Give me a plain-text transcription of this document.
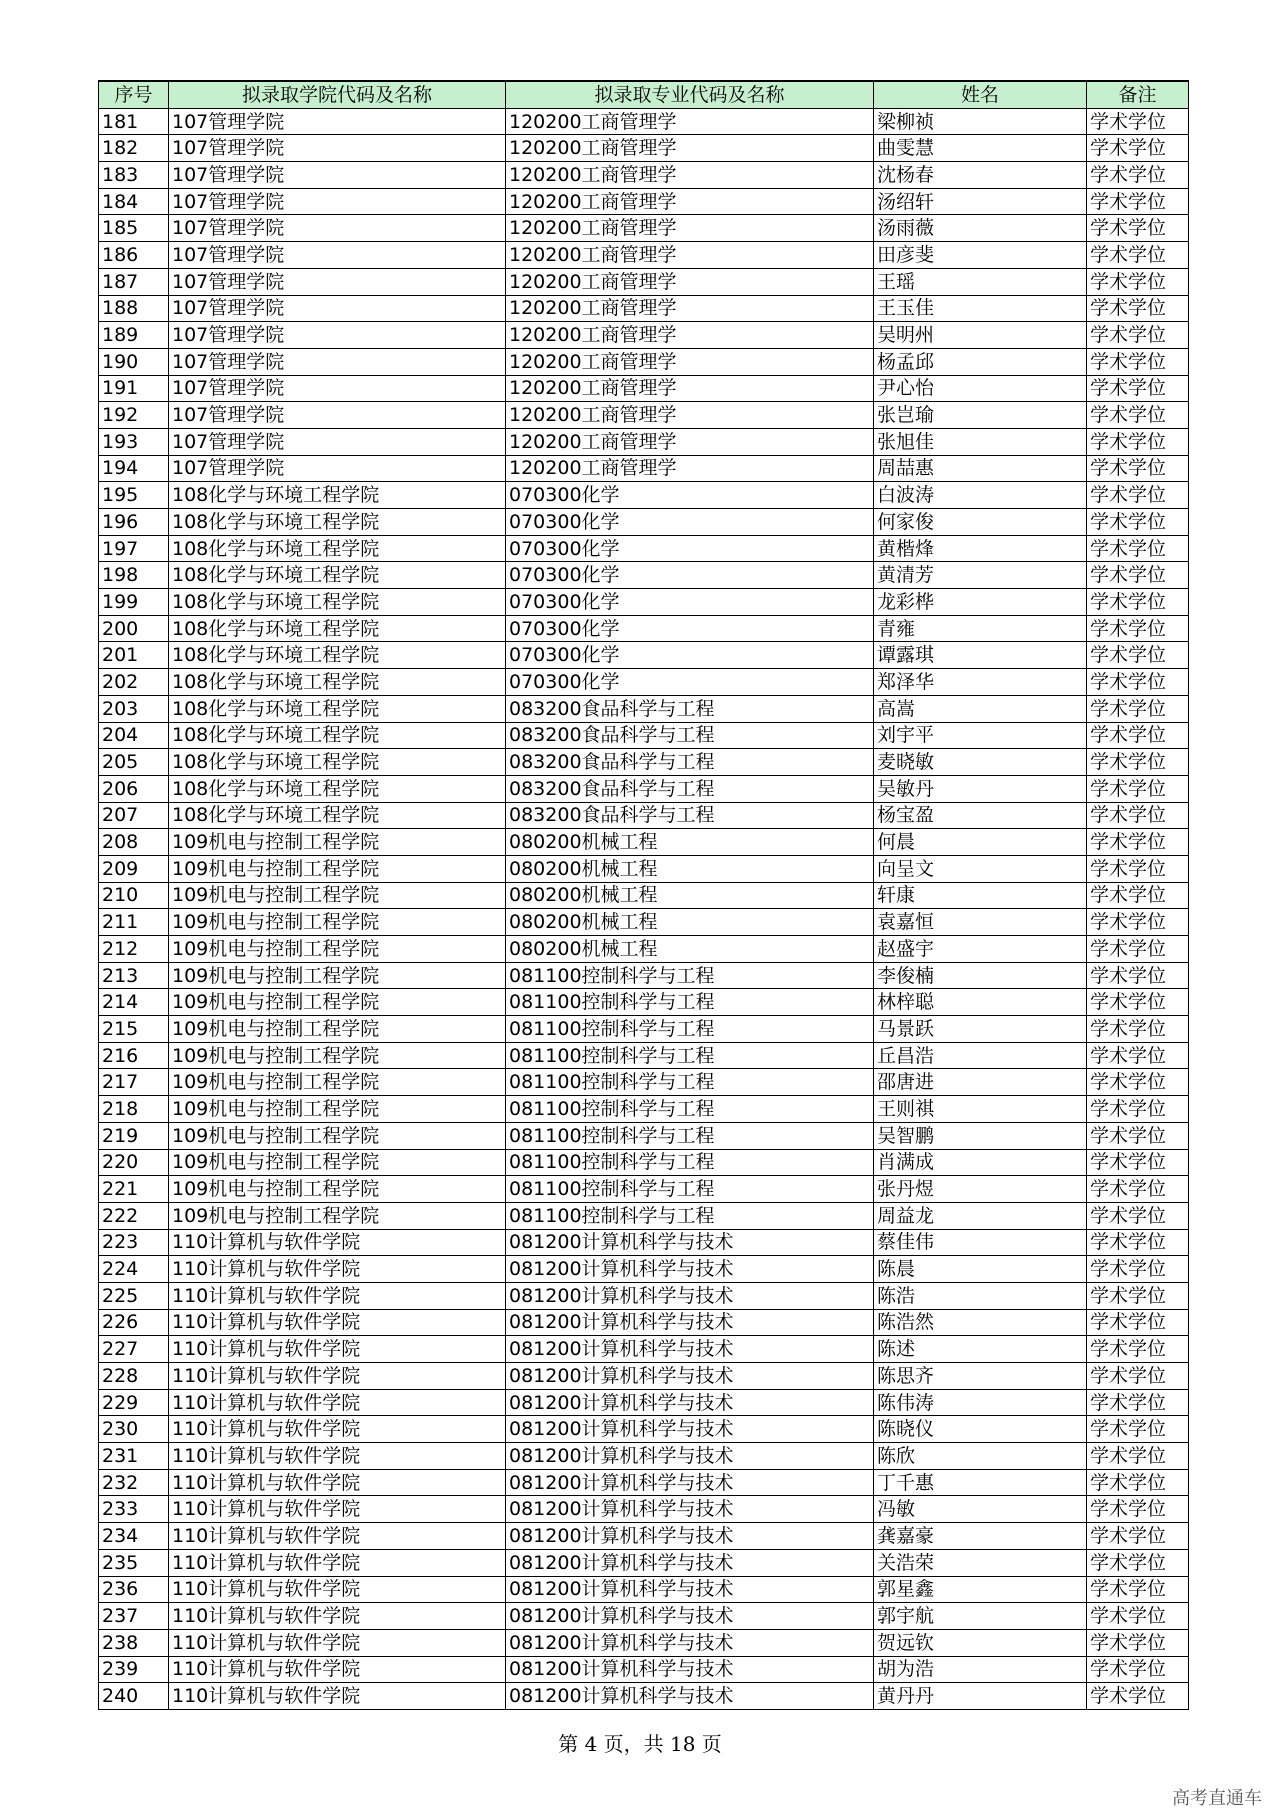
序号	拟录取学院代码及名称	拟录取专业代码及名称	姓名	备注
181	107管理学院	120200工商管理学	梁柳祯	学术学位
182	107管理学院	120200工商管理学	曲雯慧	学术学位
183	107管理学院	120200工商管理学	沈杨春	学术学位
184	107管理学院	120200工商管理学	汤绍轩	学术学位
185	107管理学院	120200工商管理学	汤雨薇	学术学位
186	107管理学院	120200工商管理学	田彦斐	学术学位
187	107管理学院	120200工商管理学	王瑶	学术学位
188	107管理学院	120200工商管理学	王玉佳	学术学位
189	107管理学院	120200工商管理学	吴明州	学术学位
190	107管理学院	120200工商管理学	杨孟邱	学术学位
191	107管理学院	120200工商管理学	尹心怡	学术学位
192	107管理学院	120200工商管理学	张岂瑜	学术学位
193	107管理学院	120200工商管理学	张旭佳	学术学位
194	107管理学院	120200工商管理学	周喆惠	学术学位
195	108化学与环境工程学院	070300化学	白波涛	学术学位
196	108化学与环境工程学院	070300化学	何家俊	学术学位
197	108化学与环境工程学院	070300化学	黄楷烽	学术学位
198	108化学与环境工程学院	070300化学	黄清芳	学术学位
199	108化学与环境工程学院	070300化学	龙彩桦	学术学位
200	108化学与环境工程学院	070300化学	青雍	学术学位
201	108化学与环境工程学院	070300化学	谭露琪	学术学位
202	108化学与环境工程学院	070300化学	郑泽华	学术学位
203	108化学与环境工程学院	083200食品科学与工程	高嵩	学术学位
204	108化学与环境工程学院	083200食品科学与工程	刘宇平	学术学位
205	108化学与环境工程学院	083200食品科学与工程	麦晓敏	学术学位
206	108化学与环境工程学院	083200食品科学与工程	吴敏丹	学术学位
207	108化学与环境工程学院	083200食品科学与工程	杨宝盈	学术学位
208	109机电与控制工程学院	080200机械工程	何晨	学术学位
209	109机电与控制工程学院	080200机械工程	向呈文	学术学位
210	109机电与控制工程学院	080200机械工程	轩康	学术学位
211	109机电与控制工程学院	080200机械工程	袁嘉恒	学术学位
212	109机电与控制工程学院	080200机械工程	赵盛宇	学术学位
213	109机电与控制工程学院	081100控制科学与工程	李俊楠	学术学位
214	109机电与控制工程学院	081100控制科学与工程	林梓聪	学术学位
215	109机电与控制工程学院	081100控制科学与工程	马景跃	学术学位
216	109机电与控制工程学院	081100控制科学与工程	丘昌浩	学术学位
217	109机电与控制工程学院	081100控制科学与工程	邵唐进	学术学位
218	109机电与控制工程学院	081100控制科学与工程	王则祺	学术学位
219	109机电与控制工程学院	081100控制科学与工程	吴智鹏	学术学位
220	109机电与控制工程学院	081100控制科学与工程	肖满成	学术学位
221	109机电与控制工程学院	081100控制科学与工程	张丹煜	学术学位
222	109机电与控制工程学院	081100控制科学与工程	周益龙	学术学位
223	110计算机与软件学院	081200计算机科学与技术	蔡佳伟	学术学位
224	110计算机与软件学院	081200计算机科学与技术	陈晨	学术学位
225	110计算机与软件学院	081200计算机科学与技术	陈浩	学术学位
226	110计算机与软件学院	081200计算机科学与技术	陈浩然	学术学位
227	110计算机与软件学院	081200计算机科学与技术	陈述	学术学位
228	110计算机与软件学院	081200计算机科学与技术	陈思齐	学术学位
229	110计算机与软件学院	081200计算机科学与技术	陈伟涛	学术学位
230	110计算机与软件学院	081200计算机科学与技术	陈晓仪	学术学位
231	110计算机与软件学院	081200计算机科学与技术	陈欣	学术学位
232	110计算机与软件学院	081200计算机科学与技术	丁千惠	学术学位
233	110计算机与软件学院	081200计算机科学与技术	冯敏	学术学位
234	110计算机与软件学院	081200计算机科学与技术	龚嘉豪	学术学位
235	110计算机与软件学院	081200计算机科学与技术	关浩荣	学术学位
236	110计算机与软件学院	081200计算机科学与技术	郭星鑫	学术学位
237	110计算机与软件学院	081200计算机科学与技术	郭宇航	学术学位
238	110计算机与软件学院	081200计算机科学与技术	贺远钦	学术学位
239	110计算机与软件学院	081200计算机科学与技术	胡为浩	学术学位
240	110计算机与软件学院	081200计算机科学与技术	黄丹丹	学术学位
第 4 页，共 18 页
高考直通车
